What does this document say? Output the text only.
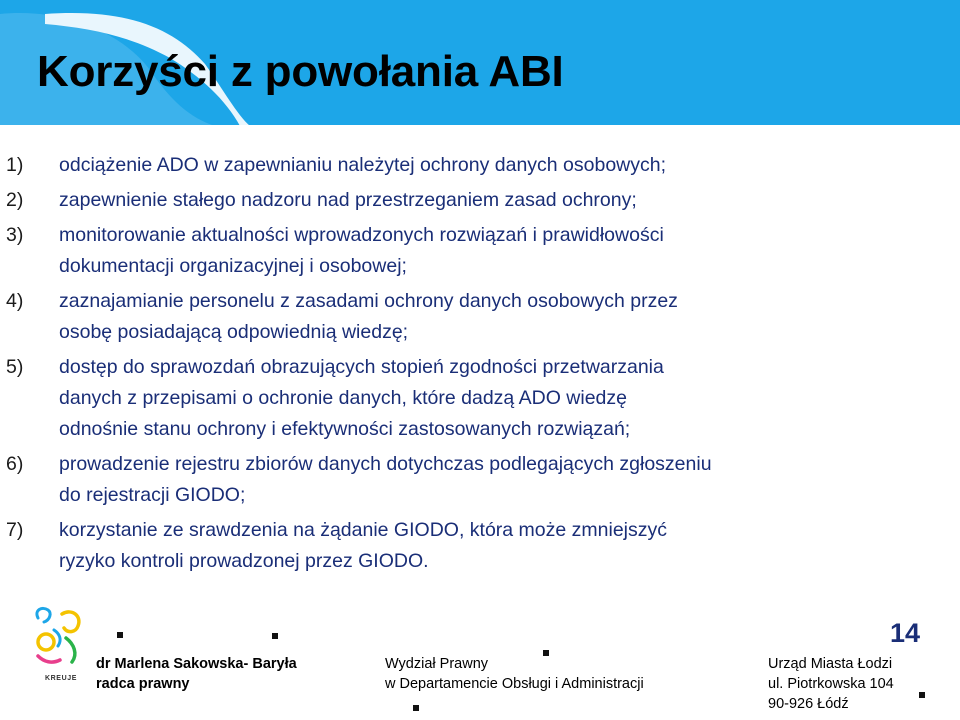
Korzyści z powołania ABI
1)	odciążenie ADO w zapewnianiu należytej ochrony danych osobowych;
2)	zapewnienie stałego nadzoru nad przestrzeganiem zasad ochrony;
3)	monitorowanie aktualności wprowadzonych rozwiązań i prawidłowości
dokumentacji organizacyjnej i osobowej;
4)	zaznajamianie personelu z zasadami ochrony danych osobowych przez
osobę posiadającą odpowiednią wiedzę;
5)	dostęp do sprawozdań obrazujących stopień zgodności przetwarzania
danych z przepisami o ochronie danych, które dadzą ADO wiedzę
odnośnie stanu ochrony i efektywności zastosowanych rozwiązań;
6)	prowadzenie rejestru zbiorów danych dotychczas podlegających zgłoszeniu
do rejestracji GIODO;
7)	korzystanie ze srawdzenia na żądanie GIODO, która może zmniejszyć
ryzyko kontroli prowadzonej przez GIODO.
KREUJE
14
dr Marlena Sakowska- Baryła
radca prawny
Wydział Prawny
w Departamencie Obsługi i Administracji
Urząd Miasta Łodzi
ul. Piotrkowska 104
90-926 Łódź
